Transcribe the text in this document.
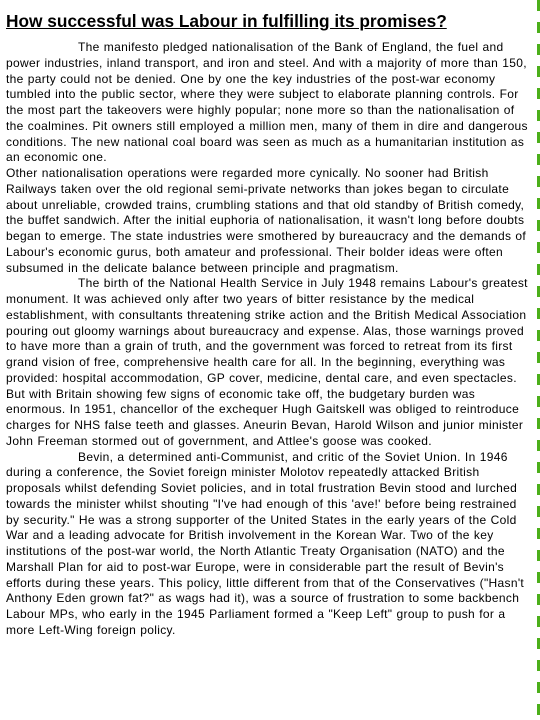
How successful was Labour in fulfilling its promises?

The manifesto pledged nationalisation of the Bank of England, the fuel and power industries, inland transport, and iron and steel. And with a majority of more than 150, the party could not be denied. One by one the key industries of the post-war economy tumbled into the public sector, where they were subject to elaborate planning controls. For the most part the takeovers were highly popular; none more so than the nationalisation of the coalmines. Pit owners still employed a million men, many of them in dire and dangerous conditions. The new national coal board was seen as much as a humanitarian institution as an economic one.

Other nationalisation operations were regarded more cynically. No sooner had British Railways taken over the old regional semi-private networks than jokes began to circulate about unreliable, crowded trains, crumbling stations and that old standby of British comedy, the buffet sandwich. After the initial euphoria of nationalisation, it wasn't long before doubts began to emerge. The state industries were smothered by bureaucracy and the demands of Labour's economic gurus, both amateur and professional. Their bolder ideas were often subsumed in the delicate balance between principle and pragmatism.

The birth of the National Health Service in July 1948 remains Labour's greatest monument. It was achieved only after two years of bitter resistance by the medical establishment, with consultants threatening strike action and the British Medical Association pouring out gloomy warnings about bureaucracy and expense. Alas, those warnings proved to have more than a grain of truth, and the government was forced to retreat from its first grand vision of free, comprehensive health care for all. In the beginning, everything was provided: hospital accommodation, GP cover, medicine, dental care, and even spectacles. But with Britain showing few signs of economic take off, the budgetary burden was enormous. In 1951, chancellor of the exchequer Hugh Gaitskell was obliged to reintroduce charges for NHS false teeth and glasses. Aneurin Bevan, Harold Wilson and junior minister John Freeman stormed out of government, and Attlee's goose was cooked.

Bevin, a determined anti-Communist, and critic of the Soviet Union. In 1946 during a conference, the Soviet foreign minister Molotov repeatedly attacked British proposals whilst defending Soviet policies, and in total frustration Bevin stood and lurched towards the minister whilst shouting "I've had enough of this 'ave!' before being restrained by security." He was a strong supporter of the United States in the early years of the Cold War and a leading advocate for British involvement in the Korean War. Two of the key institutions of the post-war world, the North Atlantic Treaty Organisation (NATO) and the Marshall Plan for aid to post-war Europe, were in considerable part the result of Bevin's efforts during these years. This policy, little different from that of the Conservatives ("Hasn't Anthony Eden grown fat?" as wags had it), was a source of frustration to some backbench Labour MPs, who early in the 1945 Parliament formed a "Keep Left" group to push for a more Left-Wing foreign policy.
